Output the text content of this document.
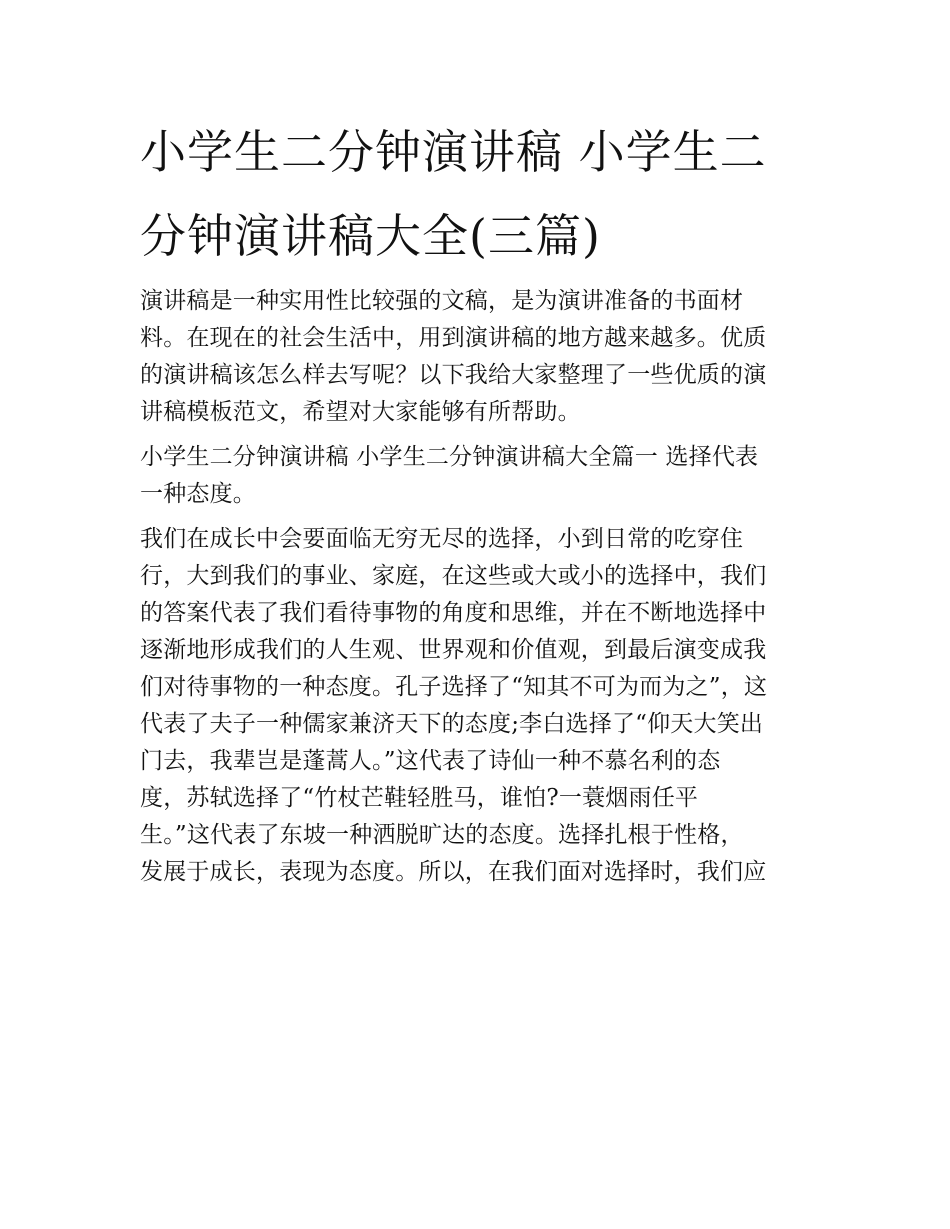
小学生二分钟演讲稿 小学生二
分钟演讲稿大全(三篇)
演讲稿是一种实用性比较强的文稿，是为演讲准备的书面材
料。在现在的社会生活中，用到演讲稿的地方越来越多。优质
的演讲稿该怎么样去写呢？以下我给大家整理了一些优质的演
讲稿模板范文，希望对大家能够有所帮助。
小学生二分钟演讲稿 小学生二分钟演讲稿大全篇一 选择代表
一种态度。
我们在成长中会要面临无穷无尽的选择，小到日常的吃穿住
行，大到我们的事业、家庭，在这些或大或小的选择中，我们
的答案代表了我们看待事物的角度和思维，并在不断地选择中
逐渐地形成我们的人生观、世界观和价值观，到最后演变成我
们对待事物的一种态度。孔子选择了“知其不可为而为之”，这
代表了夫子一种儒家兼济天下的态度;李白选择了“仰天大笑出
门去，我辈岂是蓬蒿人。”这代表了诗仙一种不慕名利的态
度，苏轼选择了“竹杖芒鞋轻胜马，谁怕?一蓑烟雨任平
生。”这代表了东坡一种洒脱旷达的态度。选择扎根于性格，
发展于成长，表现为态度。所以，在我们面对选择时，我们应
